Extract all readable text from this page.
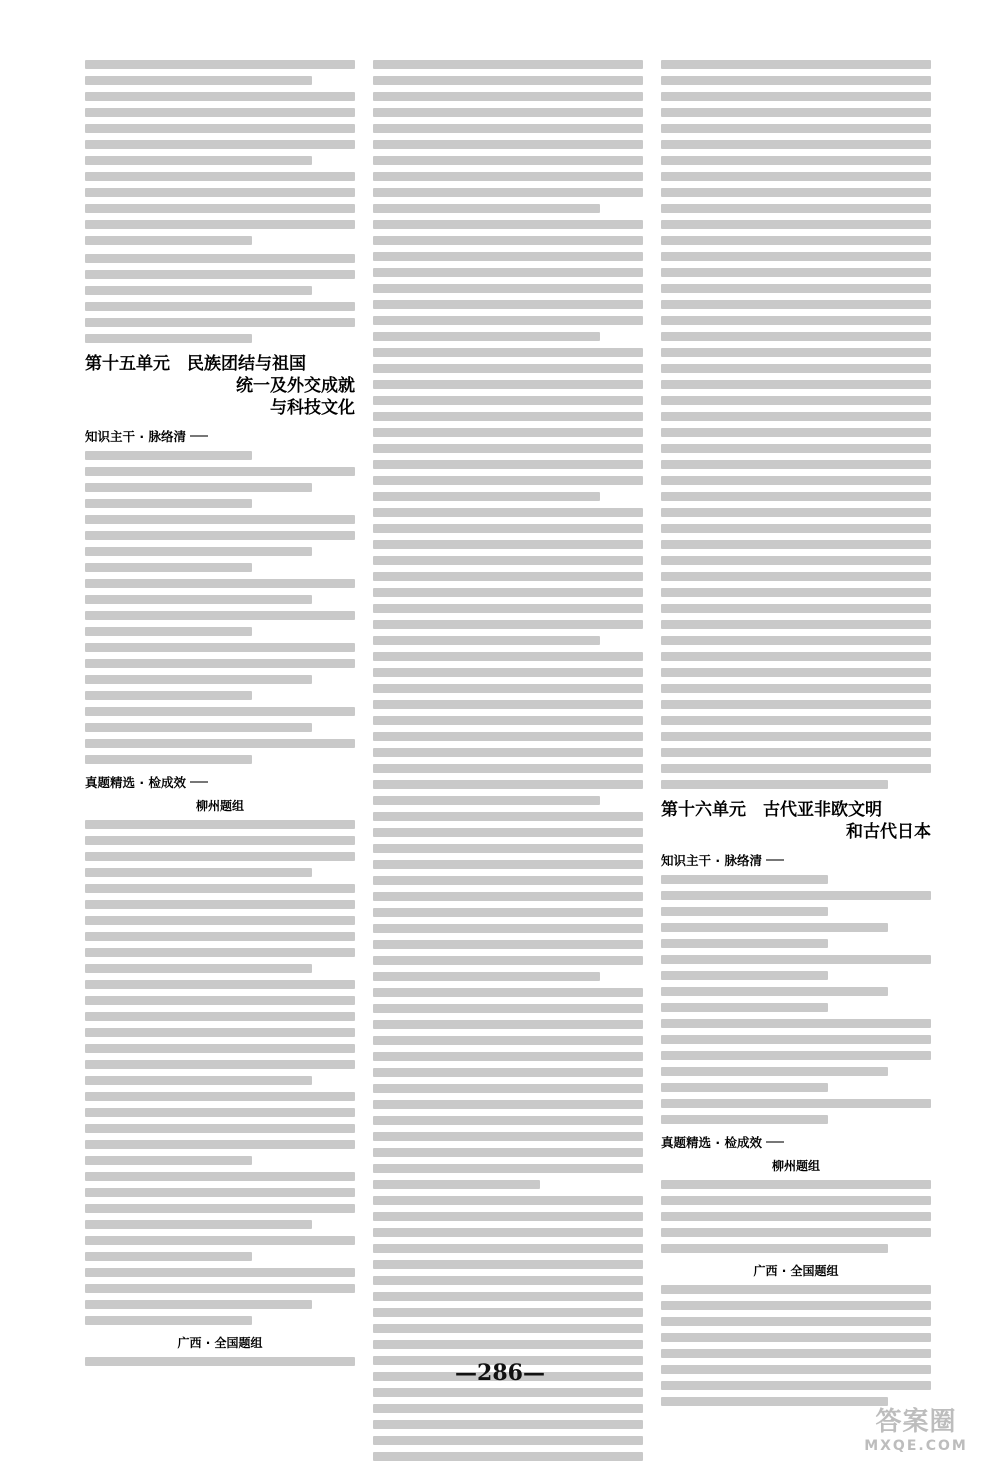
第十五单元　民族团结与祖国
统一及外交成就
与科技文化
知识主干 · 脉络清
真题精选 · 检成效
柳州题组
广西 · 全国题组
第十六单元　古代亚非欧文明
和古代日本
知识主干 · 脉络清
真题精选 · 检成效
柳州题组
广西 · 全国题组
—286—
答案圈
MXQE.COM
